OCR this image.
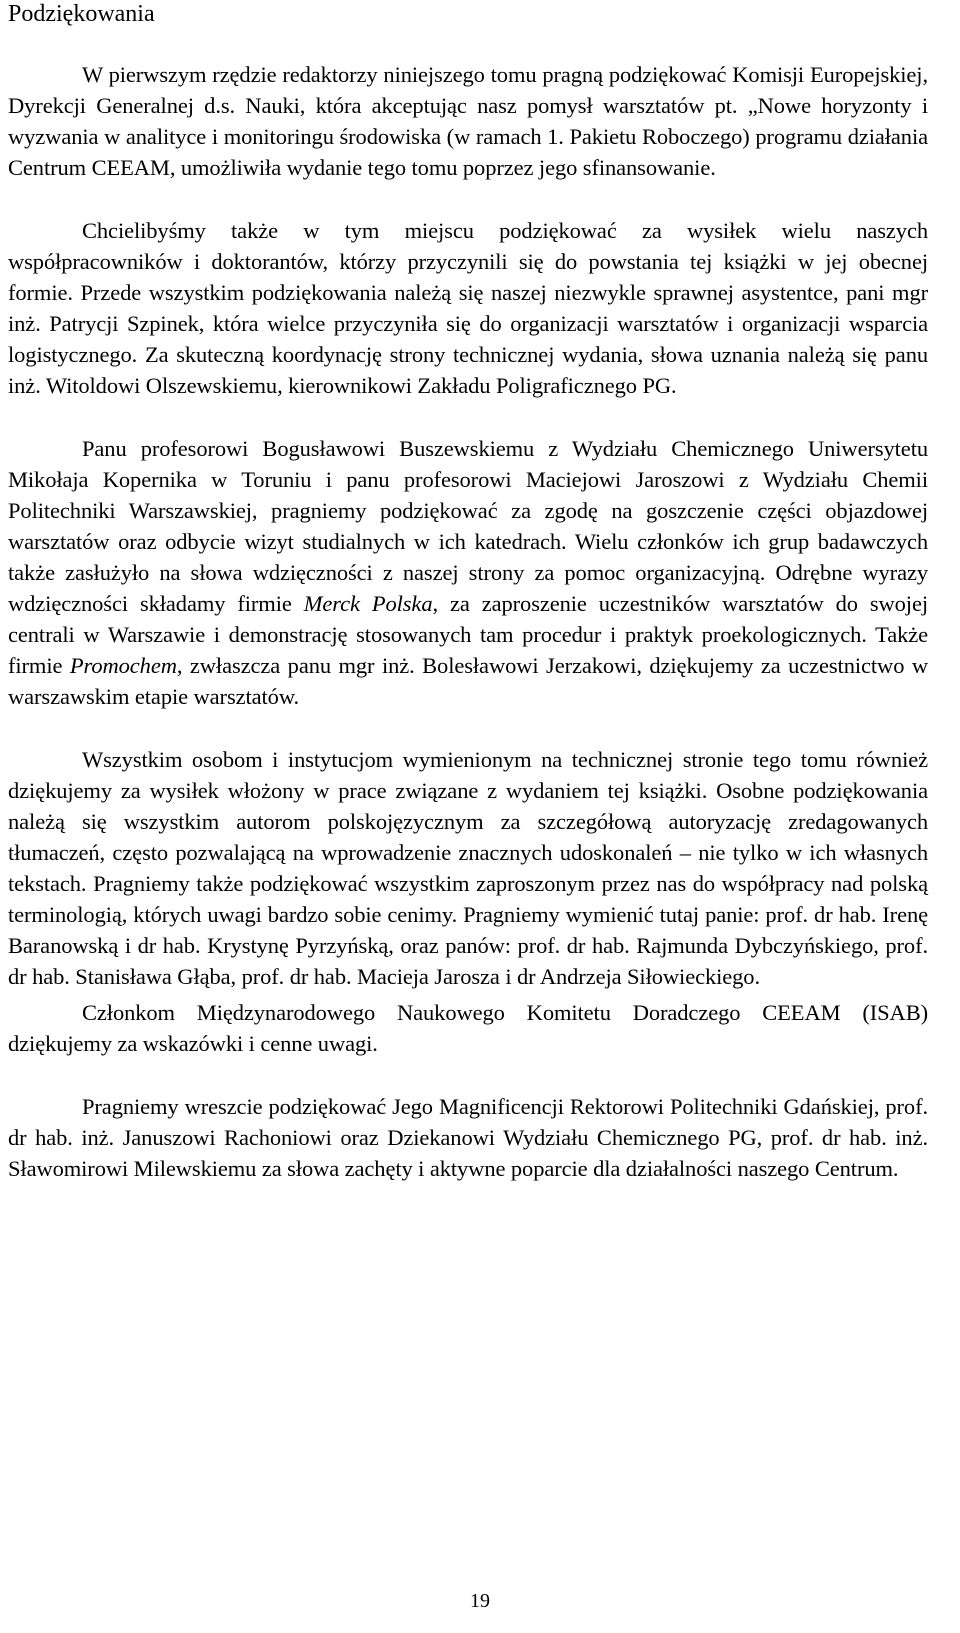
Podziękowania

W pierwszym rzędzie redaktorzy niniejszego tomu pragną podziękować Komisji Europejskiej, Dyrekcji Generalnej d.s. Nauki, która akceptując nasz pomysł warsztatów pt. „Nowe horyzonty i wyzwania w analityce i monitoringu środowiska (w ramach 1. Pakietu Roboczego) programu działania Centrum CEEAM, umożliwiła wydanie tego tomu poprzez jego sfinansowanie.

Chcielibyśmy także w tym miejscu podziękować za wysiłek wielu naszych współpracowników i doktorantów, którzy przyczynili się do powstania tej książki w jej obecnej formie. Przede wszystkim podziękowania należą się naszej niezwykle sprawnej asystentce, pani mgr inż. Patrycji Szpinek, która wielce przyczyniła się do organizacji warsztatów i organizacji wsparcia logistycznego. Za skuteczną koordynację strony technicznej wydania, słowa uznania należą się panu inż. Witoldowi Olszewskiemu, kierownikowi Zakładu Poligraficznego PG.

Panu profesorowi Bogusławowi Buszewskiemu z Wydziału Chemicznego Uniwersytetu Mikołaja Kopernika w Toruniu i panu profesorowi Maciejowi Jaroszowi z Wydziału Chemii Politechniki Warszawskiej, pragniemy podziękować za zgodę na goszczenie części objazdowej warsztatów oraz odbycie wizyt studialnych w ich katedrach. Wielu członków ich grup badawczych także zasłużyło na słowa wdzięczności z naszej strony za pomoc organizacyjną. Odrębne wyrazy wdzięczności składamy firmie Merck Polska, za zaproszenie uczestników warsztatów do swojej centrali w Warszawie i demonstrację stosowanych tam procedur i praktyk proekologicznych. Także firmie Promochem, zwłaszcza panu mgr inż. Bolesławowi Jerzakowi, dziękujemy za uczestnictwo w warszawskim etapie warsztatów.

Wszystkim osobom i instytucjom wymienionym na technicznej stronie tego tomu również dziękujemy za wysiłek włożony w prace związane z wydaniem tej książki. Osobne podziękowania należą się wszystkim autorom polskojęzycznym za szczegółową autoryzację zredagowanych tłumaczeń, często pozwalającą na wprowadzenie znacznych udoskonaleń – nie tylko w ich własnych tekstach. Pragniemy także podziękować wszystkim zaproszonym przez nas do współpracy nad polską terminologią, których uwagi bardzo sobie cenimy. Pragniemy wymienić tutaj panie: prof. dr hab. Irenę Baranowską i dr hab. Krystynę Pyrzyńską, oraz panów: prof. dr hab. Rajmunda Dybczyńskiego, prof. dr hab. Stanisława Głąba, prof. dr hab. Macieja Jarosza i dr Andrzeja Siłowieckiego.

Członkom Międzynarodowego Naukowego Komitetu Doradczego CEEAM (ISAB) dziękujemy za wskazówki i cenne uwagi.

Pragniemy wreszcie podziękować Jego Magnificencji Rektorowi Politechniki Gdańskiej, prof. dr hab. inż. Januszowi Rachoniowi oraz Dziekanowi Wydziału Chemicznego PG, prof. dr hab. inż. Sławomirowi Milewskiemu za słowa zachęty i aktywne poparcie dla działalności naszego Centrum.

19
